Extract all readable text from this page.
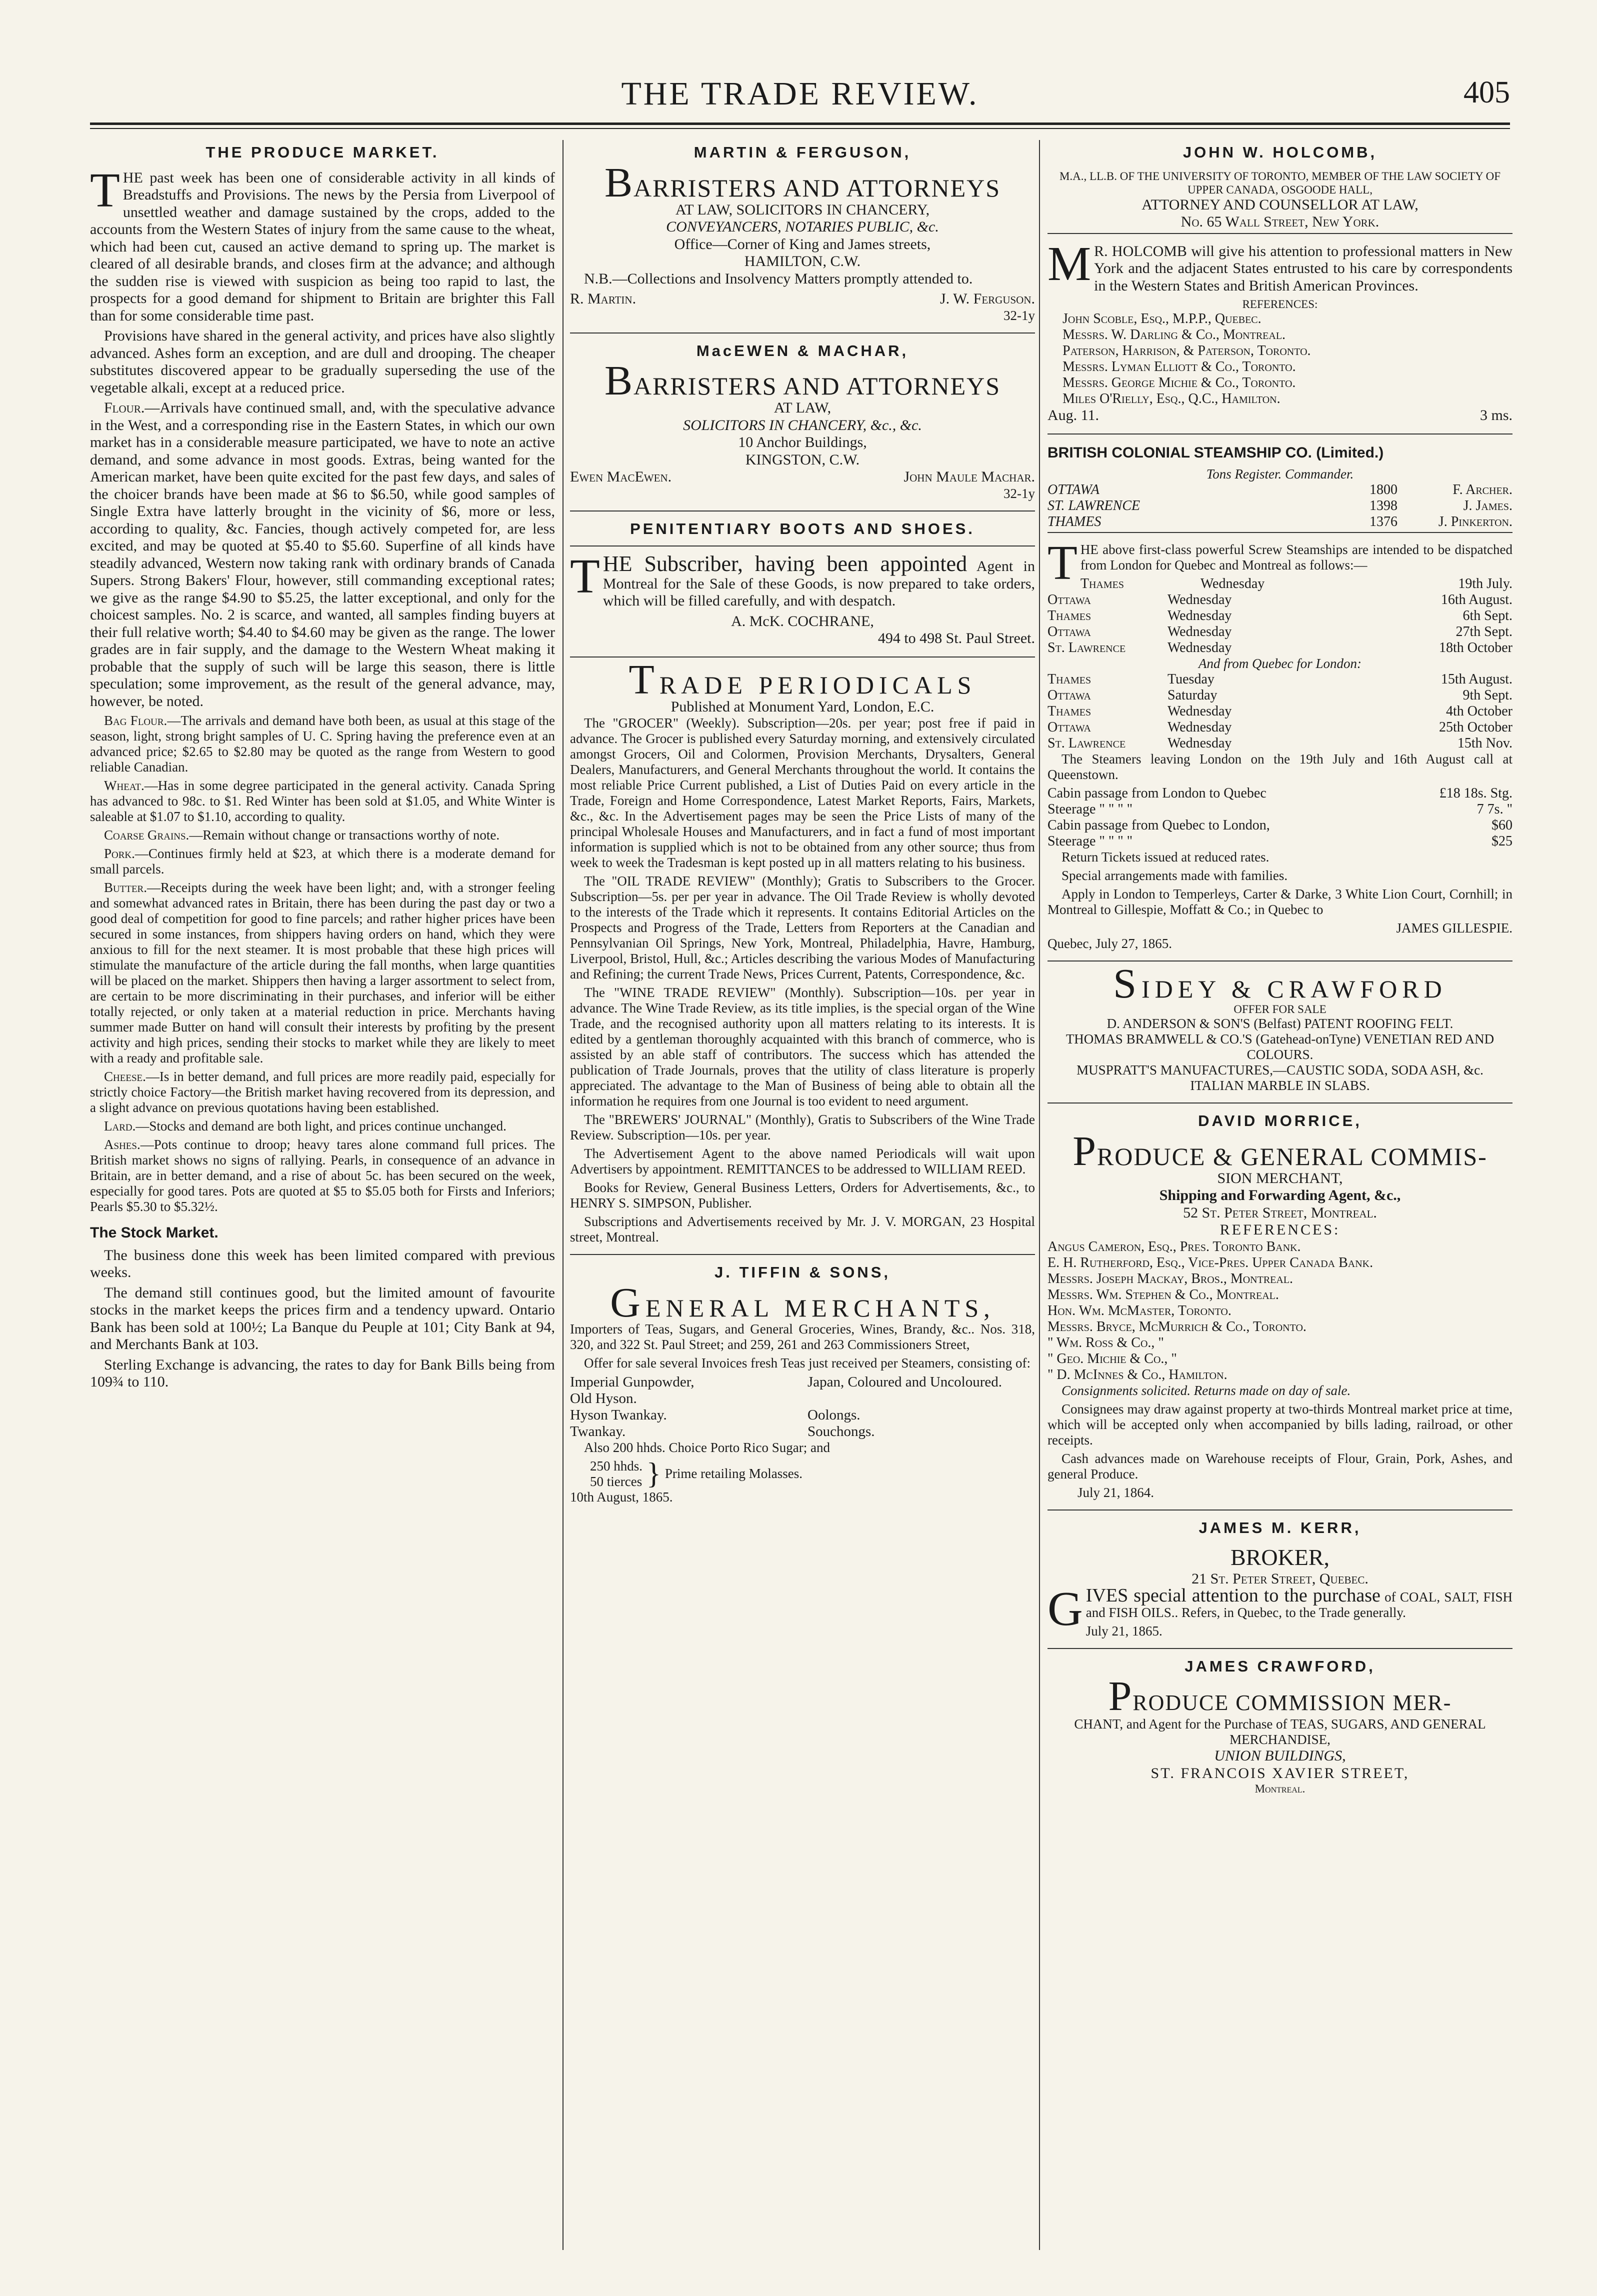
THE TRADE REVIEW.	405
THE PRODUCE MARKET.

THE past week has been one of considerable activity in all kinds of Breadstuffs and Provisions. The news by the Persia from Liverpool of unsettled weather and damage sustained by the crops, added to the accounts from the Western States of injury from the same cause to the wheat, which had been cut, caused an active demand to spring up. The market is cleared of all desirable brands, and closes firm at the advance; and although the sudden rise is viewed with suspicion as being too rapid to last, the prospects for a good demand for shipment to Britain are brighter this Fall than for some considerable time past.

Provisions have shared in the general activity, and prices have also slightly advanced. Ashes form an exception, and are dull and drooping. The cheaper substitutes discovered appear to be gradually superseding the use of the vegetable alkali, except at a reduced price.

Flour.—Arrivals have continued small, and, with the speculative advance in the West, and a corresponding rise in the Eastern States, in which our own market has in a considerable measure participated, we have to note an active demand, and some advance in most goods. Extras, being wanted for the American market, have been quite excited for the past few days, and sales of the choicer brands have been made at $6 to $6.50, while good samples of Single Extra have latterly brought in the vicinity of $6, more or less, according to quality, &c. Fancies, though actively competed for, are less excited, and may be quoted at $5.40 to $5.60. Superfine of all kinds have steadily advanced, Western now taking rank with ordinary brands of Canada Supers. Strong Bakers' Flour, however, still commanding exceptional rates; we give as the range $4.90 to $5.25, the latter exceptional, and only for the choicest samples. No. 2 is scarce, and wanted, all samples finding buyers at their full relative worth; $4.40 to $4.60 may be given as the range. The lower grades are in fair supply, and the damage to the Western Wheat making it probable that the supply of such will be large this season, there is little speculation; some improvement, as the result of the general advance, may, however, be noted.

Bag Flour.—The arrivals and demand have both been, as usual at this stage of the season, light, strong bright samples of U. C. Spring having the preference even at an advanced price; $2.65 to $2.80 may be quoted as the range from Western to good reliable Canadian.

Wheat.—Has in some degree participated in the general activity. Canada Spring has advanced to 98c. to $1. Red Winter has been sold at $1.05, and White Winter is saleable at $1.07 to $1.10, according to quality.

Coarse Grains.—Remain without change or transactions worthy of note.

Pork.—Continues firmly held at $23, at which there is a moderate demand for small parcels.

Butter.—Receipts during the week have been light; and, with a stronger feeling and somewhat advanced rates in Britain, there has been during the past day or two a good deal of competition for good to fine parcels; and rather higher prices have been secured in some instances, from shippers having orders on hand, which they were anxious to fill for the next steamer. It is most probable that these high prices will stimulate the manufacture of the article during the fall months, when large quantities will be placed on the market. Shippers then having a larger assortment to select from, are certain to be more discriminating in their purchases, and inferior will be either totally rejected, or only taken at a material reduction in price. Merchants having summer made Butter on hand will consult their interests by profiting by the present activity and high prices, sending their stocks to market while they are likely to meet with a ready and profitable sale.

Cheese.—Is in better demand, and full prices are more readily paid, especially for strictly choice Factory—the British market having recovered from its depression, and a slight advance on previous quotations having been established.

Lard.—Stocks and demand are both light, and prices continue unchanged.

Ashes.—Pots continue to droop; heavy tares alone command full prices. The British market shows no signs of rallying. Pearls, in consequence of an advance in Britain, are in better demand, and a rise of about 5c. has been secured on the week, especially for good tares. Pots are quoted at $5 to $5.05 both for Firsts and Inferiors; Pearls $5.30 to $5.32½.

The Stock Market.

The business done this week has been limited compared with previous weeks.

The demand still continues good, but the limited amount of favourite stocks in the market keeps the prices firm and a tendency upward. Ontario Bank has been sold at 100½; La Banque du Peuple at 101; City Bank at 94, and Merchants Bank at 103.

Sterling Exchange is advancing, the rates to day for Bank Bills being from 109¾ to 110.

MARTIN & FERGUSON,
BARRISTERS AND ATTORNEYS
AT LAW, SOLICITORS IN CHANCERY,
CONVEYANCERS, NOTARIES PUBLIC, &c.
Office—Corner of King and James streets,
HAMILTON, C.W.

N.B.—Collections and Insolvency Matters promptly attended to.

R. Martin.	J. W. Ferguson.
32-1y
MacEWEN & MACHAR,
BARRISTERS AND ATTORNEYS
AT LAW,
SOLICITORS IN CHANCERY, &c., &c.
10 Anchor Buildings,
KINGSTON, C.W.
Ewen MacEwen.	John Maule Machar.
32-1y
PENITENTIARY BOOTS AND SHOES.

THE Subscriber, having been appointed Agent in Montreal for the Sale of these Goods, is now prepared to take orders, which will be filled carefully, and with despatch.

A. McK. COCHRANE,
494 to 498 St. Paul Street.
TRADE PERIODICALS
Published at Monument Yard, London, E.C.

The "GROCER" (Weekly). Subscription—20s. per year; post free if paid in advance. The Grocer is published every Saturday morning, and extensively circulated amongst Grocers, Oil and Colormen, Provision Merchants, Drysalters, General Dealers, Manufacturers, and General Merchants throughout the world. It contains the most reliable Price Current published, a List of Duties Paid on every article in the Trade, Foreign and Home Correspondence, Latest Market Reports, Fairs, Markets, &c., &c. In the Advertisement pages may be seen the Price Lists of many of the principal Wholesale Houses and Manufacturers, and in fact a fund of most important information is supplied which is not to be obtained from any other source; thus from week to week the Tradesman is kept posted up in all matters relating to his business.

The "OIL TRADE REVIEW" (Monthly); Gratis to Subscribers to the Grocer. Subscription—5s. per per year in advance. The Oil Trade Review is wholly devoted to the interests of the Trade which it represents. It contains Editorial Articles on the Prospects and Progress of the Trade, Letters from Reporters at the Canadian and Pennsylvanian Oil Springs, New York, Montreal, Philadelphia, Havre, Hamburg, Liverpool, Bristol, Hull, &c.; Articles describing the various Modes of Manufacturing and Refining; the current Trade News, Prices Current, Patents, Correspondence, &c.

The "WINE TRADE REVIEW" (Monthly). Subscription—10s. per year in advance. The Wine Trade Review, as its title implies, is the special organ of the Wine Trade, and the recognised authority upon all matters relating to its interests. It is edited by a gentleman thoroughly acquainted with this branch of commerce, who is assisted by an able staff of contributors. The success which has attended the publication of Trade Journals, proves that the utility of class literature is properly appreciated. The advantage to the Man of Business of being able to obtain all the information he requires from one Journal is too evident to need argument.

The "BREWERS' JOURNAL" (Monthly), Gratis to Subscribers of the Wine Trade Review. Subscription—10s. per year.

The Advertisement Agent to the above named Periodicals will wait upon Advertisers by appointment. REMITTANCES to be addressed to WILLIAM REED.

Books for Review, General Business Letters, Orders for Advertisements, &c., to HENRY S. SIMPSON, Publisher.

Subscriptions and Advertisements received by Mr. J. V. MORGAN, 23 Hospital street, Montreal.

J. TIFFIN & SONS,
GENERAL MERCHANTS,

Importers of Teas, Sugars, and General Groceries, Wines, Brandy, &c.. Nos. 318, 320, and 322 St. Paul Street; and 259, 261 and 263 Commissioners Street,

Offer for sale several Invoices fresh Teas just received per Steamers, consisting of:

Imperial Gunpowder,	Japan, Coloured and Uncoloured.
Old Hyson.
Hyson Twankay.	Oolongs.
Twankay.	Souchongs.

Also 200 hhds. Choice Porto Rico Sugar; and

250 hhds.
50 tierces } Prime retailing Molasses.
10th August, 1865.
JOHN W. HOLCOMB,
M.A., LL.B. OF THE UNIVERSITY OF TORONTO, MEMBER OF THE LAW SOCIETY OF UPPER CANADA, OSGOODE HALL,
ATTORNEY AND COUNSELLOR AT LAW,
No. 65 Wall Street, New York.

M R. HOLCOMB will give his attention to professional matters in New York and the adjacent States entrusted to his care by correspondents in the Western States and British American Provinces.

REFERENCES:
John Scoble, Esq., M.P.P., Quebec.
Messrs. W. Darling & Co., Montreal.
Paterson, Harrison, & Paterson, Toronto.
Messrs. Lyman Elliott & Co., Toronto.
Messrs. George Michie & Co., Toronto.
Miles O'Rielly, Esq., Q.C., Hamilton.
Aug. 11.	3 ms.
BRITISH COLONIAL STEAMSHIP CO. (Limited.)
Tons Register. Commander.
OTTAWA	1800	F. Archer.
ST. LAWRENCE	1398	J. James.
THAMES	1376	J. Pinkerton.

THE above first-class powerful Screw Steamships are intended to be dispatched from London for Quebec and Montreal as follows:—

Thames	Wednesday	19th July.
Ottawa	Wednesday	16th August.
Thames	Wednesday	6th Sept.
Ottawa	Wednesday	27th Sept.
St. Lawrence	Wednesday	18th October
And from Quebec for London:
Thames	Tuesday	15th August.
Ottawa	Saturday	9th Sept.
Thames	Wednesday	4th October
Ottawa	Wednesday	25th October
St. Lawrence	Wednesday	15th Nov.

The Steamers leaving London on the 19th July and 16th August call at Queenstown.

Cabin passage from London to Quebec	£18 18s. Stg.
Steerage " " " "	7 7s. "
Cabin passage from Quebec to London,	$60
Steerage " " " "	$25

Return Tickets issued at reduced rates.

Special arrangements made with families.

Apply in London to Temperleys, Carter & Darke, 3 White Lion Court, Cornhill; in Montreal to Gillespie, Moffatt & Co.; in Quebec to

JAMES GILLESPIE.
Quebec, July 27, 1865.
SIDEY & CRAWFORD
OFFER FOR SALE
D. ANDERSON & SON'S (Belfast) PATENT ROOFING FELT.
THOMAS BRAMWELL & CO.'S (Gatehead-onTyne) VENETIAN RED AND COLOURS.
MUSPRATT'S MANUFACTURES,—CAUSTIC SODA, SODA ASH, &c.
ITALIAN MARBLE IN SLABS.
DAVID MORRICE,
PRODUCE & GENERAL COMMIS-
SION MERCHANT,
Shipping and Forwarding Agent, &c.,
52 St. Peter Street, Montreal.
REFERENCES:
Angus Cameron, Esq., Pres. Toronto Bank.
E. H. Rutherford, Esq., Vice-Pres. Upper Canada Bank.
Messrs. Joseph Mackay, Bros., Montreal.
Messrs. Wm. Stephen & Co., Montreal.
Hon. Wm. McMaster, Toronto.
Messrs. Bryce, McMurrich & Co., Toronto.
" Wm. Ross & Co., "
" Geo. Michie & Co., "
" D. McInnes & Co., Hamilton.

Consignments solicited. Returns made on day of sale.

Consignees may draw against property at two-thirds Montreal market price at time, which will be accepted only when accompanied by bills lading, railroad, or other receipts.

Cash advances made on Warehouse receipts of Flour, Grain, Pork, Ashes, and general Produce.

July 21, 1864.
JAMES M. KERR,
BROKER,
21 St. Peter Street, Quebec.

GIVES special attention to the purchase of COAL, SALT, FISH and FISH OILS.. Refers, in Quebec, to the Trade generally.

July 21, 1865.
JAMES CRAWFORD,
PRODUCE COMMISSION MER-
CHANT, and Agent for the Purchase of TEAS, SUGARS, AND GENERAL MERCHANDISE,
UNION BUILDINGS,
ST. FRANCOIS XAVIER STREET,
Montreal.
